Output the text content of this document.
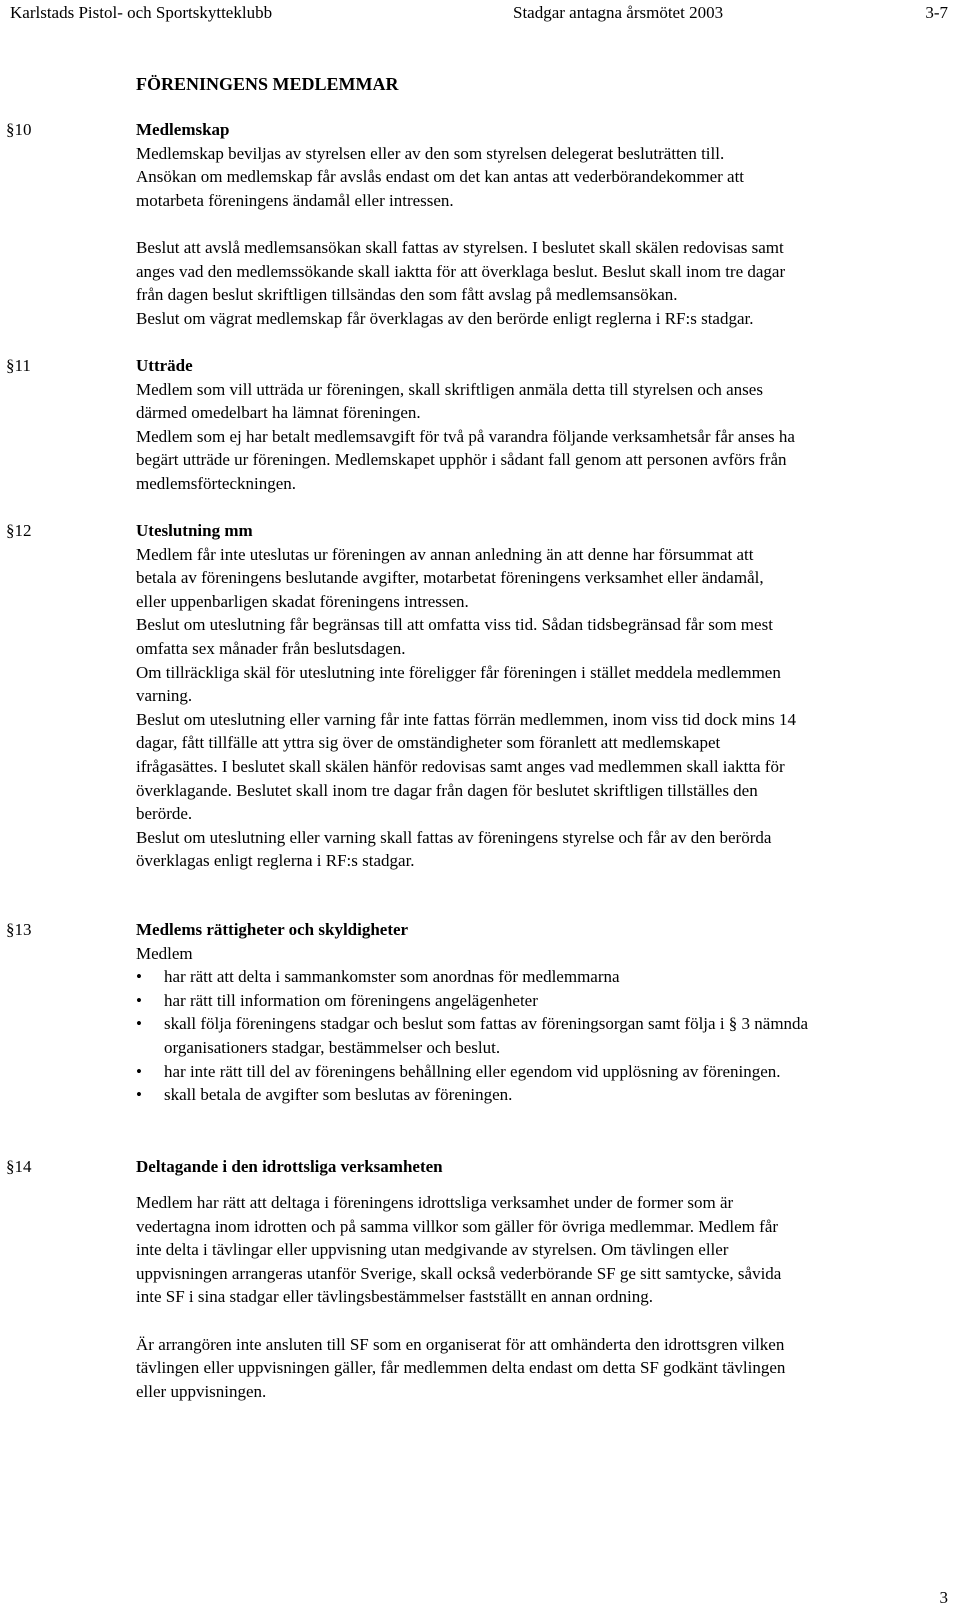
Karlstads Pistol- och Sportskytteklubb	Stadgar antagna årsmötet 2003	3-7
FÖRENINGENS MEDLEMMAR
§10	Medlemskap

Medlemskap beviljas av styrelsen eller av den som styrelsen delegerat besluträtten till.

Ansökan om medlemskap får avslås endast om det kan antas att vederbörandekommer att

motarbeta föreningens ändamål eller intressen.

Beslut att avslå medlemsansökan skall fattas av styrelsen. I beslutet skall skälen redovisas samt

anges vad den medlemssökande skall iaktta för att överklaga beslut. Beslut skall inom tre dagar

från dagen beslut skriftligen tillsändas den som fått avslag på medlemsansökan.

Beslut om vägrat medlemskap får överklagas av den berörde enligt reglerna i RF:s stadgar.

§11	Utträde

Medlem som vill utträda ur föreningen, skall skriftligen anmäla detta till styrelsen och anses

därmed omedelbart ha lämnat föreningen.

Medlem som ej har betalt medlemsavgift för två på varandra följande verksamhetsår får anses ha

begärt utträde ur föreningen. Medlemskapet upphör i sådant fall genom att personen avförs från

medlemsförteckningen.

§12	Uteslutning mm

Medlem får inte uteslutas ur föreningen av annan anledning än att denne har försummat att

betala av föreningens beslutande avgifter, motarbetat föreningens verksamhet eller ändamål,

eller uppenbarligen skadat föreningens intressen.

Beslut om uteslutning får begränsas till att omfatta viss tid. Sådan tidsbegränsad får som mest

omfatta sex månader från beslutsdagen.

Om tillräckliga skäl för uteslutning inte föreligger får föreningen i stället meddela medlemmen

varning.

Beslut om uteslutning eller varning får inte fattas förrän medlemmen, inom viss tid dock mins 14

dagar, fått tillfälle att yttra sig över de omständigheter som föranlett att medlemskapet

ifrågasättes. I beslutet skall skälen hänför redovisas samt anges vad medlemmen skall iaktta för

överklagande. Beslutet skall inom tre dagar från dagen för beslutet skriftligen tillställes den

berörde.

Beslut om uteslutning eller varning skall fattas av föreningens styrelse och får av den berörda

överklagas enligt reglerna i RF:s stadgar.

§13	Medlems rättigheter och skyldigheter

Medlem

• har rätt att delta i sammankomster som anordnas för medlemmarna
• har rätt till information om föreningens angelägenheter
• skall följa föreningens stadgar och beslut som fattas av föreningsorgan samt följa i § 3 nämnda organisationers stadgar, bestämmelser och beslut.
• har inte rätt till del av föreningens behållning eller egendom vid upplösning av föreningen.
• skall betala de avgifter som beslutas av föreningen.
§14	Deltagande i den idrottsliga verksamheten

Medlem har rätt att deltaga i föreningens idrottsliga verksamhet under de former som är

vedertagna inom idrotten och på samma villkor som gäller för övriga medlemmar. Medlem får

inte delta i tävlingar eller uppvisning utan medgivande av styrelsen. Om tävlingen eller

uppvisningen arrangeras utanför Sverige, skall också vederbörande SF ge sitt samtycke, såvida

inte SF i sina stadgar eller tävlingsbestämmelser fastställt en annan ordning.

Är arrangören inte ansluten till SF som en organiserat för att omhänderta den idrottsgren vilken

tävlingen eller uppvisningen gäller, får medlemmen delta endast om detta SF godkänt tävlingen

eller uppvisningen.

3
